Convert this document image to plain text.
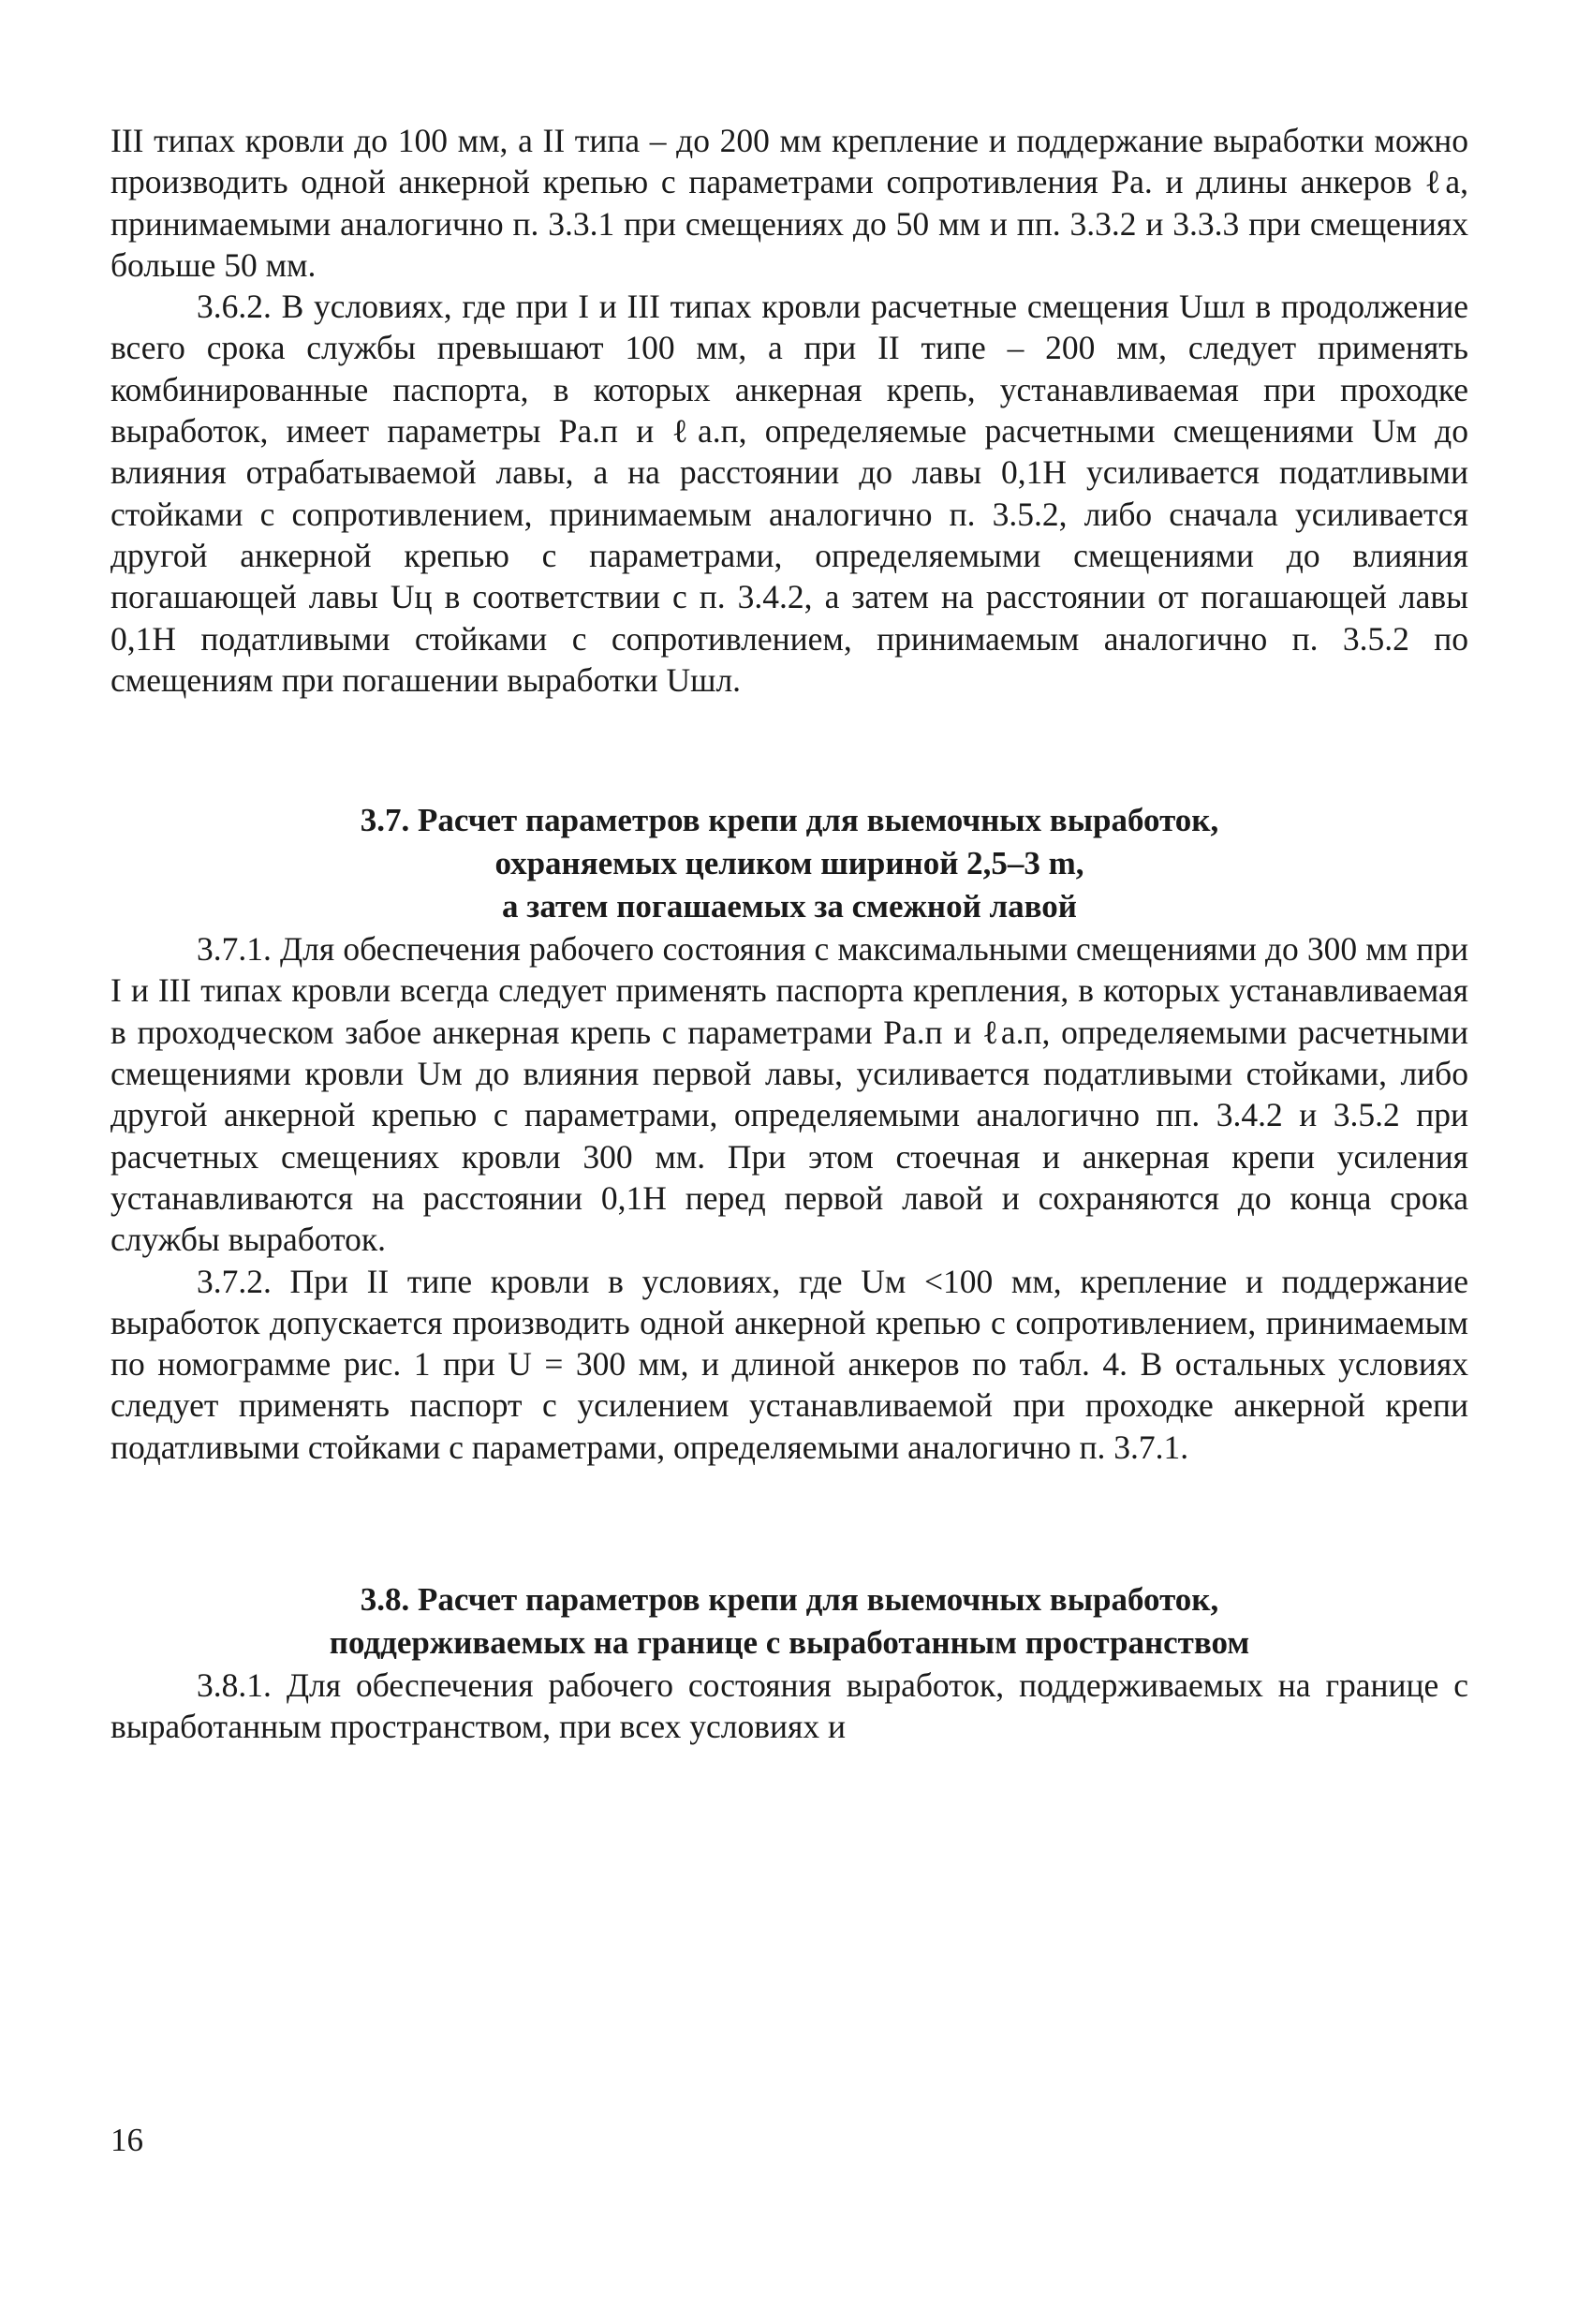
III типах кровли до 100 мм, а II типа – до 200 мм крепление и поддержание выработки можно производить одной анкерной крепью с параметрами сопротивления Pа. и длины анкеров ℓа, принимаемыми аналогично п. 3.3.1 при смещениях до 50 мм и пп. 3.3.2 и 3.3.3 при смещениях больше 50 мм.

3.6.2. В условиях, где при I и III типах кровли расчетные смещения Uшл в продолжение всего срока службы превышают 100 мм, а при II типе – 200 мм, следует применять комбинированные паспорта, в которых анкерная крепь, устанавливаемая при проходке выработок, имеет параметры Pа.п и ℓа.п, определяемые расчетными смещениями Uм до влияния отрабатываемой лавы, а на расстоянии до лавы 0,1H усиливается податливыми стойками с сопротивлением, принимаемым аналогично п. 3.5.2, либо сначала усиливается другой анкерной крепью с параметрами, определяемыми смещениями до влияния погашающей лавы Uц в соответствии с п. 3.4.2, а затем на расстоянии от погашающей лавы 0,1H податливыми стойками с сопротивлением, принимаемым аналогично п. 3.5.2 по смещениям при погашении выработки Uшл.

3.7. Расчет параметров крепи для выемочных выработок,
охраняемых целиком шириной 2,5–3 m,
а затем погашаемых за смежной лавой

3.7.1. Для обеспечения рабочего состояния с максимальными смещениями до 300 мм при I и III типах кровли всегда следует применять паспорта крепления, в которых устанавливаемая в проходческом забое анкерная крепь с параметрами Pа.п и ℓа.п, определяемыми расчетными смещениями кровли Uм до влияния первой лавы, усиливается податливыми стойками, либо другой анкерной крепью с параметрами, определяемыми аналогично пп. 3.4.2 и 3.5.2 при расчетных смещениях кровли 300 мм. При этом стоечная и анкерная крепи усиления устанавливаются на расстоянии 0,1H перед первой лавой и сохраняются до конца срока службы выработок.

3.7.2. При II типе кровли в условиях, где Uм <100 мм, крепление и поддержание выработок допускается производить одной анкерной крепью с сопротивлением, принимаемым по номограмме рис. 1 при U = 300 мм, и длиной анкеров по табл. 4. В остальных условиях следует применять паспорт с усилением устанавливаемой при проходке анкерной крепи податливыми стойками с параметрами, определяемыми аналогично п. 3.7.1.

3.8. Расчет параметров крепи для выемочных выработок,
поддерживаемых на границе с выработанным пространством

3.8.1. Для обеспечения рабочего состояния выработок, поддерживаемых на границе с выработанным пространством, при всех условиях и

16
